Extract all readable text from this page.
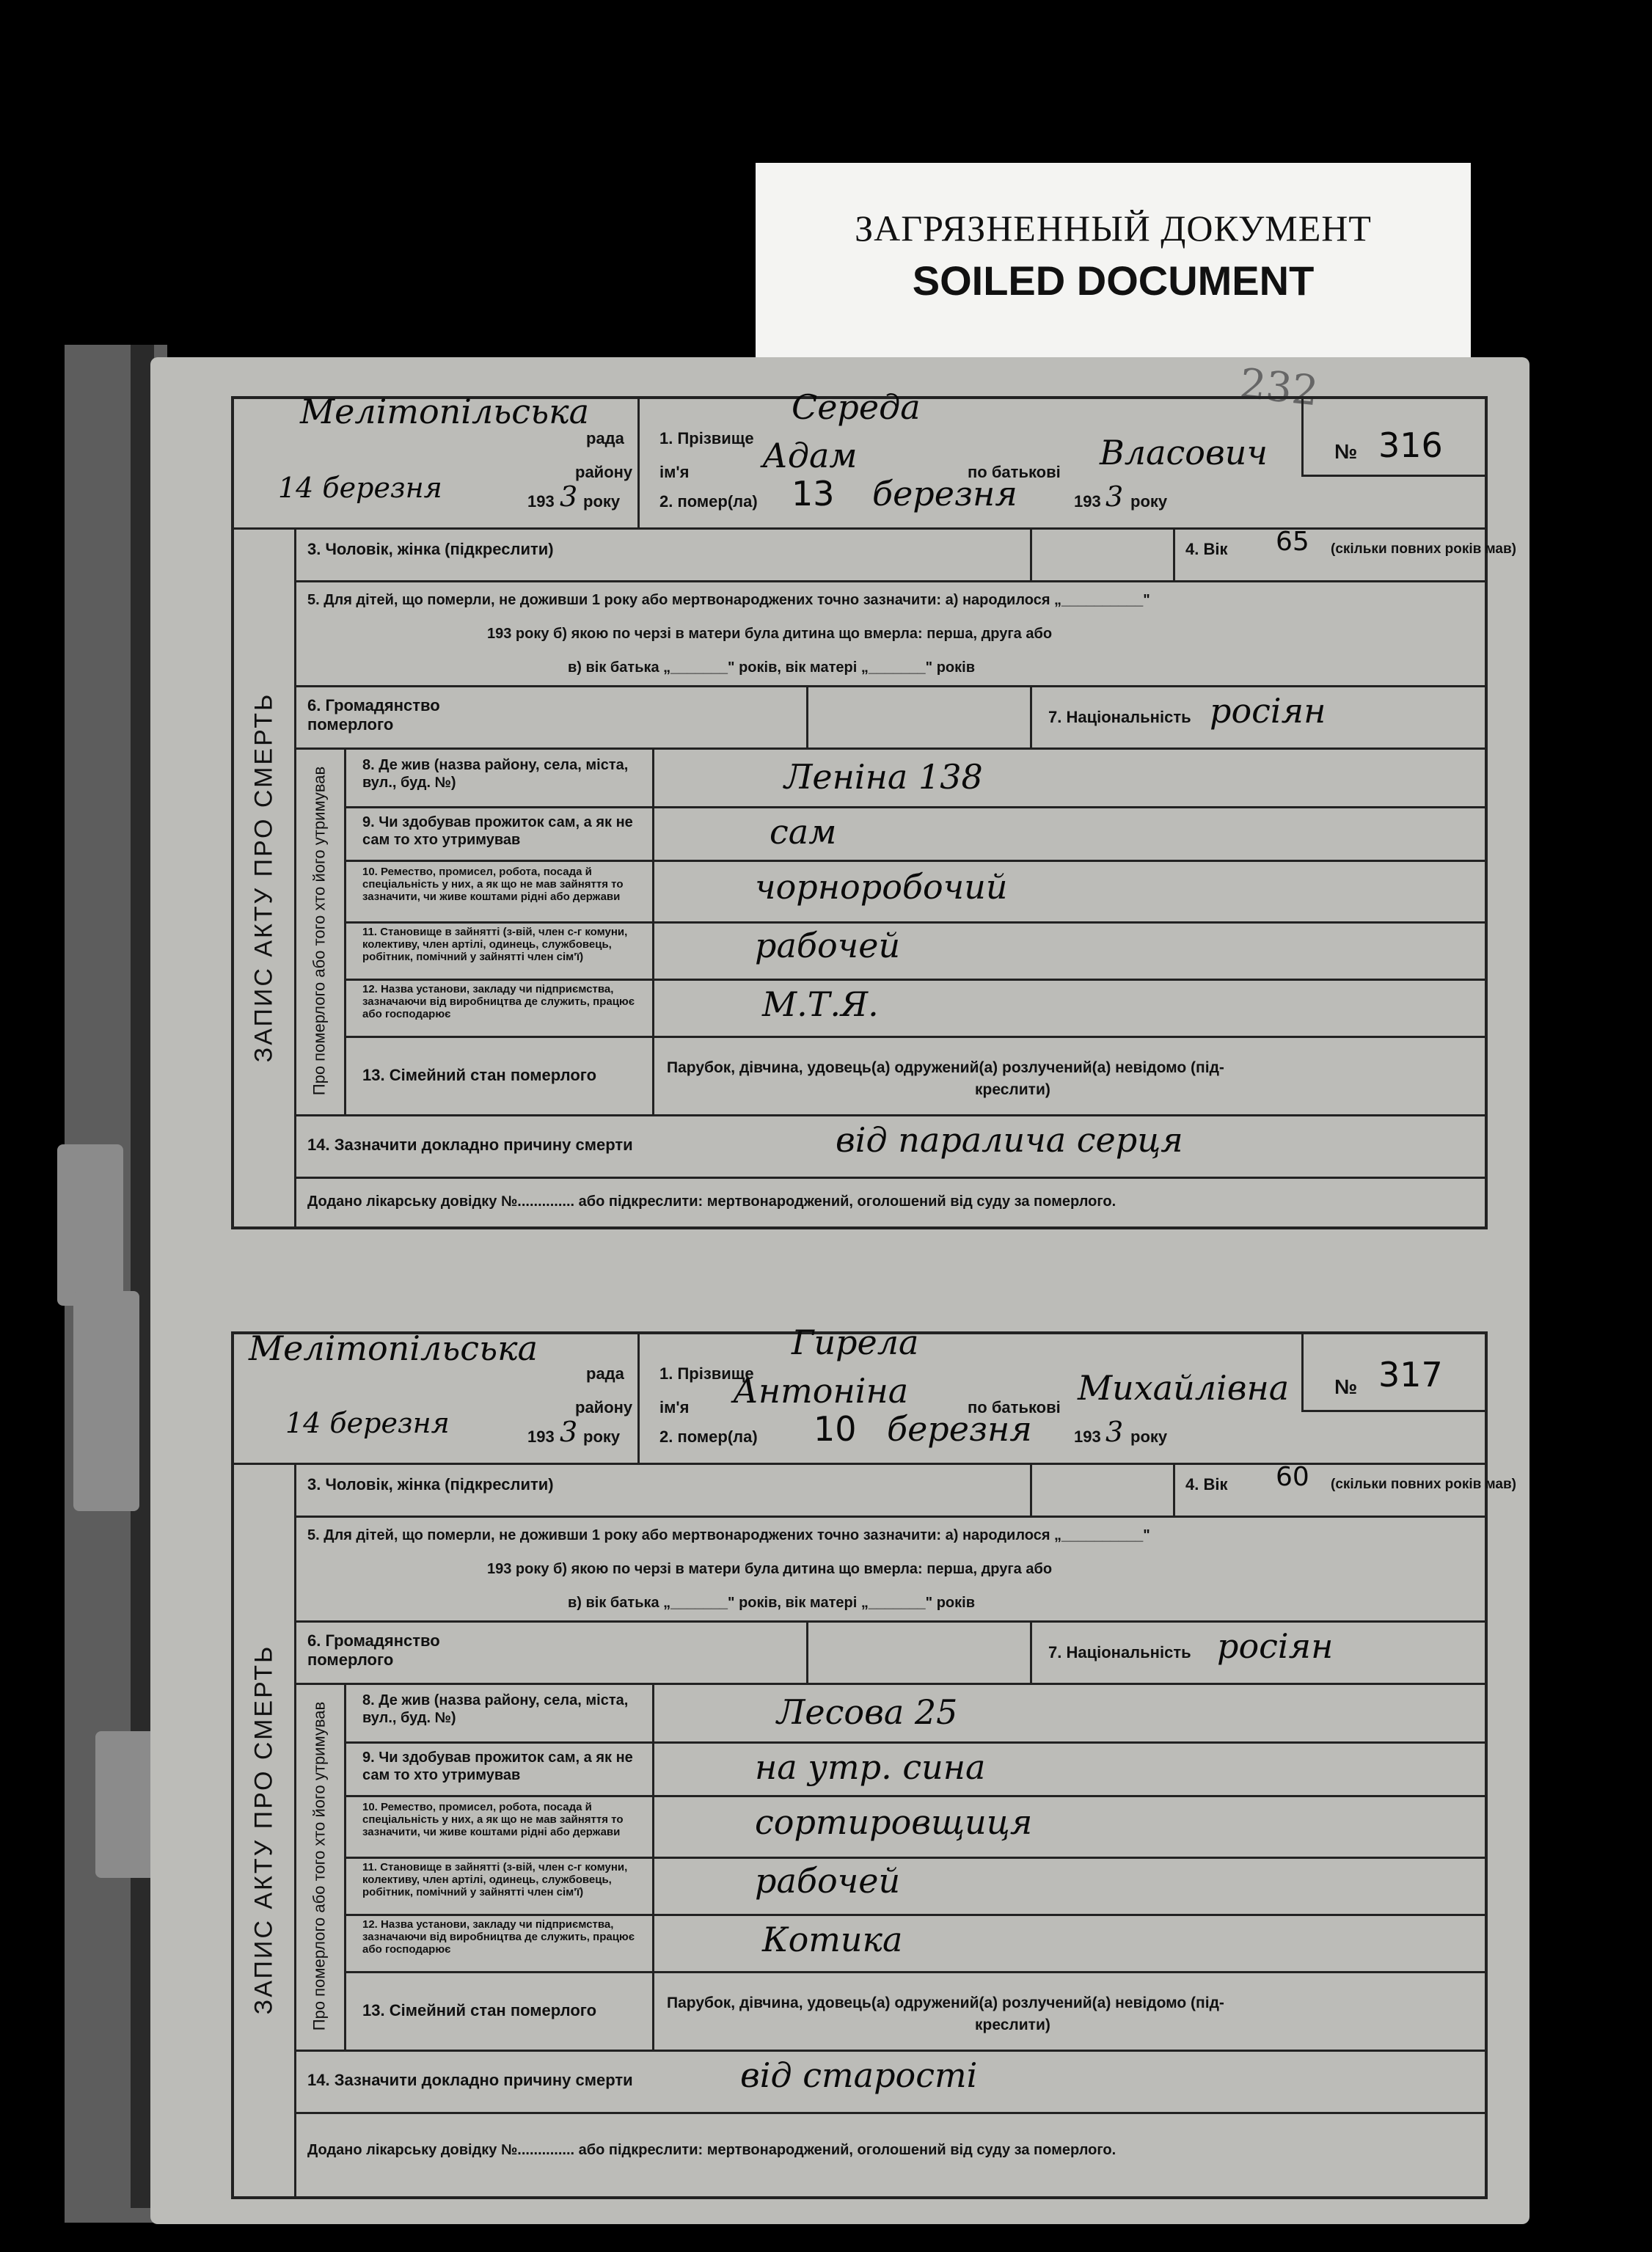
ЗАГРЯЗНЕННЫЙ ДОКУМЕНТ
SOILED DOCUMENT
232
Мелітопільська
рада
району
14 березня	193 3 року
1. Прізвище
Середа
ім'я Адам	по батькові Власович
2. помер(ла) 13 березня	193 3 року
№ 316
ЗАПИС АКТУ ПРО СМЕРТЬ Про померлого або того хто його утримував
3. Чоловік, жінка (підкреслити)	4. Вік 65 (скільки повних років мав)
5. Для дітей, що померли, не доживши 1 року або мертвонароджених точно зазначити: а) народилося „__________"
193 року б) якою по черзі в матери була дитина що вмерла: перша, друга або
в) вік батька „_______" років, вік матері „_______" років
6. Громадянство померлого	7. Національність росіян
8. Де жив (назва району, села, міста, вул., буд. №)	Леніна 138
9. Чи здобував прожиток сам, а як не сам то хто утримував	сам
10. Ремество, промисел, робота, посада й спеціальність у них, а як що не мав зайняття то зазначити, чи живе коштами рідні або держави	чорноробочий
11. Становище в зайнятті (з-вій, член с-г комуни, колективу, член артілі, одинець, службовець, робітник, помічний у зайнятті член сім'ї)	рабочей
12. Назва установи, закладу чи підприємства, зазначаючи від виробництва де служить, працює або господарює	М.Т.Я.
13. Сімейний стан померлого	Парубок, дівчина, удовець(а) одружений(а) розлучений(а) невідомо (під-
креслити)
14. Зазначити докладно причину смерти	від паралича серця
Додано лікарську довідку №.............. або підкреслити: мертвонароджений, оголошений від суду за померлого.
Мелітопільська
рада
району
14 березня	193 3 року
1. Прізвище
Гирела
ім'я Антоніна	по батькові Михайлівна
2. помер(ла) 10 березня	193 3 року
№ 317
ЗАПИС АКТУ ПРО СМЕРТЬ Про померлого або того хто його утримував
3. Чоловік, жінка (підкреслити)	4. Вік 60 (скільки повних років мав)
5. Для дітей, що померли, не доживши 1 року або мертвонароджених точно зазначити: а) народилося „__________"
193 року б) якою по черзі в матери була дитина що вмерла: перша, друга або
в) вік батька „_______" років, вік матері „_______" років
6. Громадянство померлого	7. Національність росіян
8. Де жив (назва району, села, міста, вул., буд. №)	Лесова 25
9. Чи здобував прожиток сам, а як не сам то хто утримував	на утр. сина
10. Ремество, промисел, робота, посада й спеціальність у них, а як що не мав зайняття то зазначити, чи живе коштами рідні або держави	сортировщиця
11. Становище в зайнятті (з-вій, член с-г комуни, колективу, член артілі, одинець, службовець, робітник, помічний у зайнятті член сім'ї)	рабочей
12. Назва установи, закладу чи підприємства, зазначаючи від виробництва де служить, працює або господарює	Котика
13. Сімейний стан померлого	Парубок, дівчина, удовець(а) одружений(а) розлучений(а) невідомо (під-
креслити)
14. Зазначити докладно причину смерти	від старості
Додано лікарську довідку №.............. або підкреслити: мертвонароджений, оголошений від суду за померлого.
